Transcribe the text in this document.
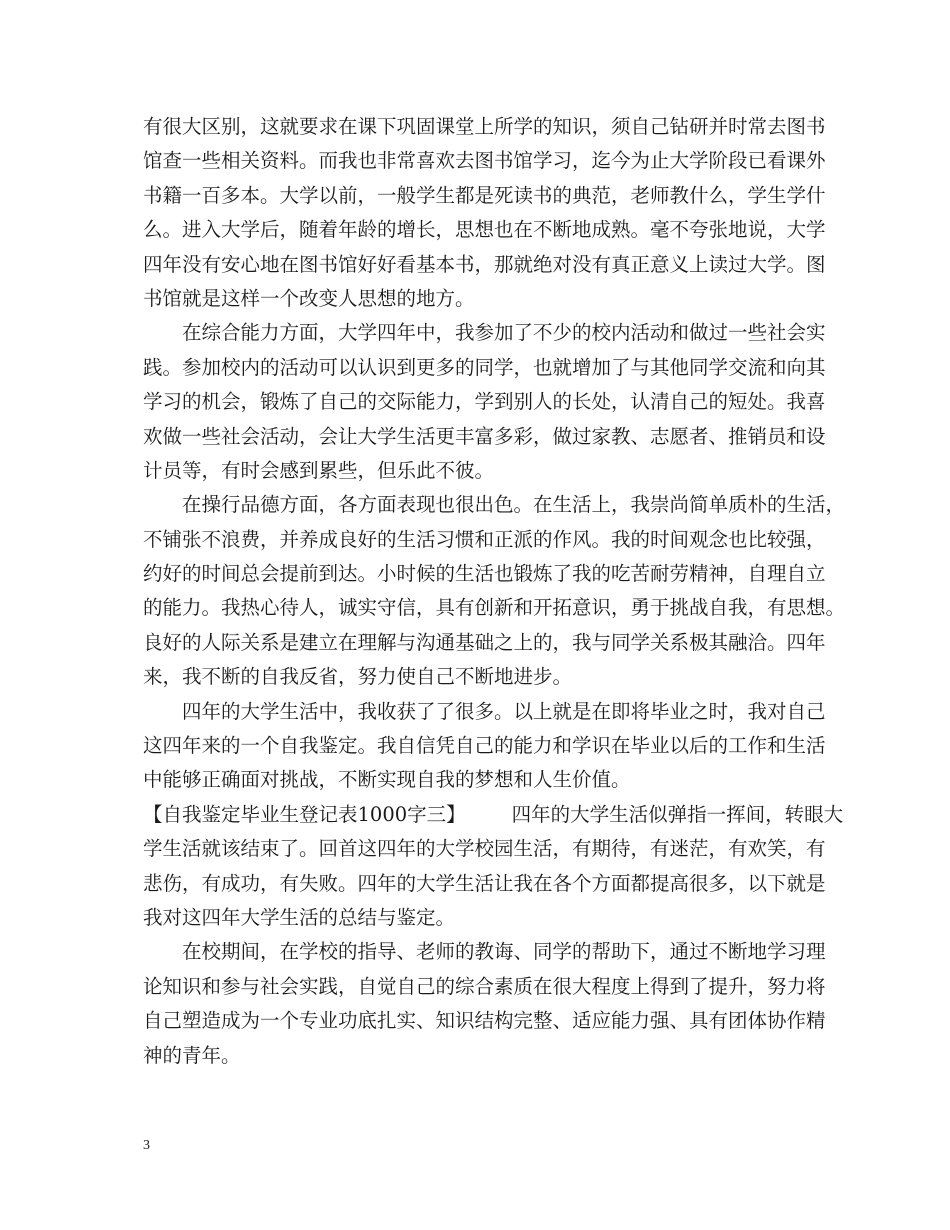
有很大区别，这就要求在课下巩固课堂上所学的知识，须自己钻研并时常去图书
馆查一些相关资料。而我也非常喜欢去图书馆学习，迄今为止大学阶段已看课外
书籍一百多本。大学以前，一般学生都是死读书的典范，老师教什么，学生学什
么。进入大学后，随着年龄的增长，思想也在不断地成熟。毫不夸张地说，大学
四年没有安心地在图书馆好好看基本书，那就绝对没有真正意义上读过大学。图
书馆就是这样一个改变人思想的地方。
在综合能力方面，大学四年中，我参加了不少的校内活动和做过一些社会实
践。参加校内的活动可以认识到更多的同学，也就增加了与其他同学交流和向其
学习的机会，锻炼了自己的交际能力，学到别人的长处，认清自己的短处。我喜
欢做一些社会活动，会让大学生活更丰富多彩，做过家教、志愿者、推销员和设
计员等，有时会感到累些，但乐此不彼。
在操行品德方面，各方面表现也很出色。在生活上，我崇尚简单质朴的生活，
不铺张不浪费，并养成良好的生活习惯和正派的作风。我的时间观念也比较强，
约好的时间总会提前到达。小时候的生活也锻炼了我的吃苦耐劳精神，自理自立
的能力。我热心待人，诚实守信，具有创新和开拓意识，勇于挑战自我，有思想。
良好的人际关系是建立在理解与沟通基础之上的，我与同学关系极其融洽。四年
来，我不断的自我反省，努力使自己不断地进步。
四年的大学生活中，我收获了了很多。以上就是在即将毕业之时，我对自己
这四年来的一个自我鉴定。我自信凭自己的能力和学识在毕业以后的工作和生活
中能够正确面对挑战，不断实现自我的梦想和人生价值。
【自我鉴定毕业生登记表1000字三】 四年的大学生活似弹指一挥间，转眼大
学生活就该结束了。回首这四年的大学校园生活，有期待，有迷茫，有欢笑，有
悲伤，有成功，有失败。四年的大学生活让我在各个方面都提高很多，以下就是
我对这四年大学生活的总结与鉴定。
在校期间，在学校的指导、老师的教诲、同学的帮助下，通过不断地学习理
论知识和参与社会实践，自觉自己的综合素质在很大程度上得到了提升，努力将
自己塑造成为一个专业功底扎实、知识结构完整、适应能力强、具有团体协作精
神的青年。
3
